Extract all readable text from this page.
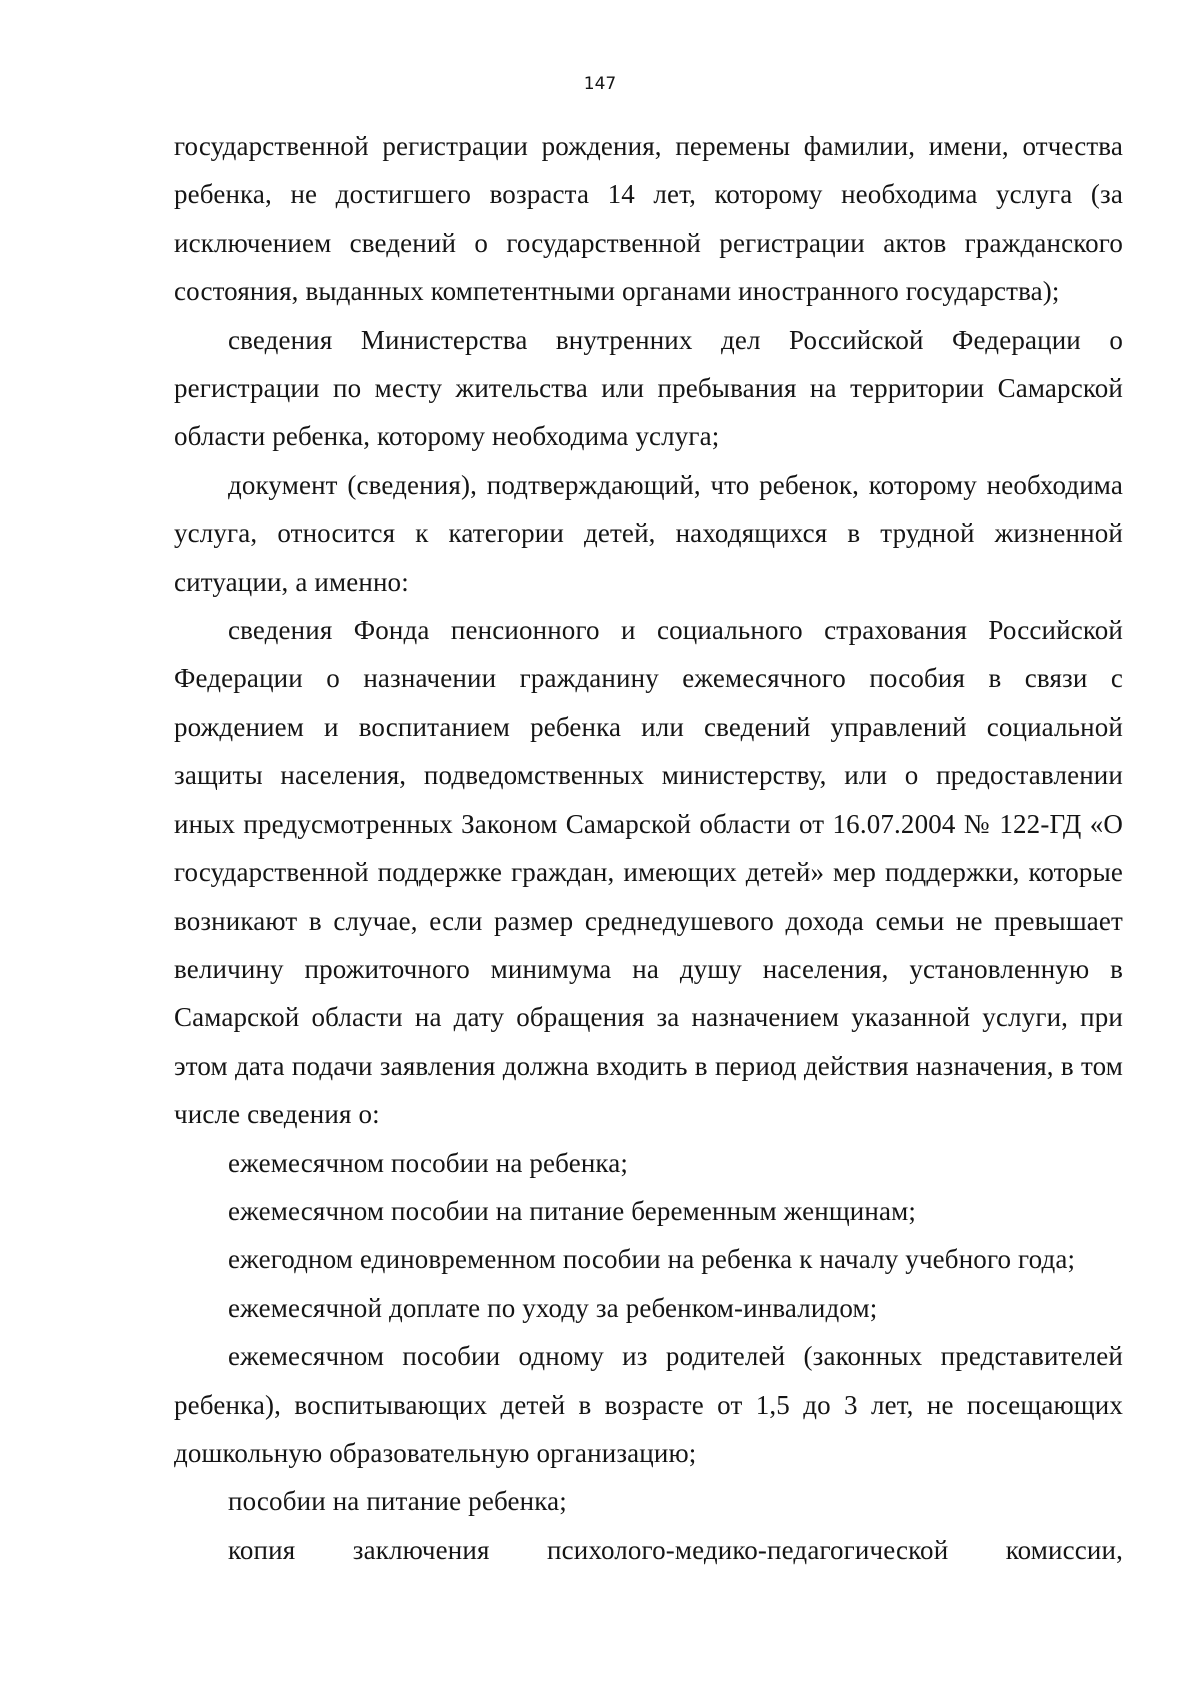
147

государственной регистрации рождения, перемены фамилии, имени, отчества ребенка, не достигшего возраста 14 лет, которому необходима услуга (за исключением сведений о государственной регистрации актов гражданского состояния, выданных компетентными органами иностранного государства);

сведения Министерства внутренних дел Российской Федерации о регистрации по месту жительства или пребывания на территории Самарской области ребенка, которому необходима услуга;

документ (сведения), подтверждающий, что ребенок, которому необходима услуга, относится к категории детей, находящихся в трудной жизненной ситуации, а именно:

сведения Фонда пенсионного и социального страхования Российской Федерации о назначении гражданину ежемесячного пособия в связи с рождением и воспитанием ребенка или сведений управлений социальной защиты населения, подведомственных министерству, или о предоставлении иных предусмотренных Законом Самарской области от 16.07.2004 № 122-ГД «О государственной поддержке граждан, имеющих детей» мер поддержки, которые возникают в случае, если размер среднедушевого дохода семьи не превышает величину прожиточного минимума на душу населения, установленную в Самарской области на дату обращения за назначением указанной услуги, при этом дата подачи заявления должна входить в период действия назначения, в том числе сведения о:

ежемесячном пособии на ребенка;

ежемесячном пособии на питание беременным женщинам;

ежегодном единовременном пособии на ребенка к началу учебного года;

ежемесячной доплате по уходу за ребенком-инвалидом;

ежемесячном пособии одному из родителей (законных представителей ребенка), воспитывающих детей в возрасте от 1,5 до 3 лет, не посещающих дошкольную образовательную организацию;

пособии на питание ребенка;

копия заключения психолого-медико-педагогической комиссии,
